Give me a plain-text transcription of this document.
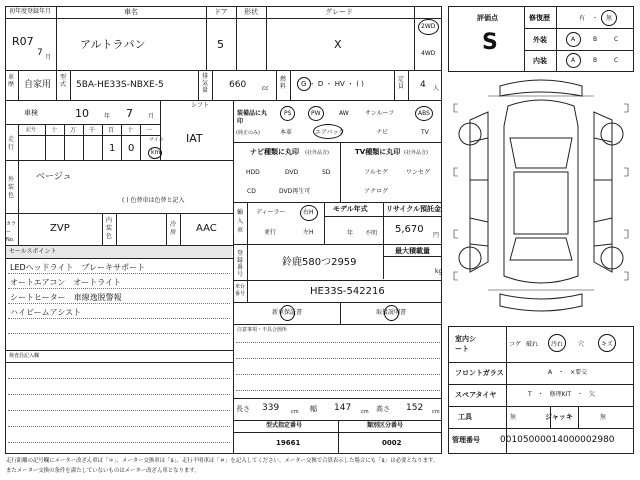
初年度登録年月
R07
7 月
車名
アルトラパン
ドア
5
形状	グレード
X
2WD
4WD
車歴 自家用
型式 5BA-HE33S-NBXE-5
排気量
660	cc
燃料 G ・ D ・ HV ・ ( )
定員 4 人
車検	10	年 7	月
走行
記号 十 万 千 百 十 一
1 0
マイル
km
シフト
IAT
外装色
ベージュ
( ) 色替車は色替と記入
カラーNo.
ZVP
内装色
冷房 AAC
セールスポイント
LEDヘッドライト　ブレーキサポート
オートエアコン　オートライト
シートヒーター　車線逸脱警報
ハイビームアシスト
検査員記入欄
装備品に丸印
(純正のみ)
PS	PW	AW	サンルーフ	ABS
本革	エアバック	ナビ	TV
ナビ種類に丸印 (社外品含)
HDD	DVD	SD
CD	DVD再生可
TV種類に丸印 (社外品含)
フルセグ	ワンセグ
アナログ
輸入車
ディーラー
並行
右H
左H
モデル年式
年 不明
リサイクル預託金
5,670
円
登録番号
鈴鹿580つ2959
最大積載量
kg
車台番号	HE33S-542216
新車保証書	取扱説明書
注意事項・不具合箇所
長さ 339 cm 幅 147 cm 高さ 152 cm
型式指定番号
19661
類別区分番号
0002
評価点
S
修復歴	有 ・ 無
外装	A	B	C
内装	A	B	C
室内シート
コゲ 破れ 汚れ 穴	キズ
フロントガラス	A　・　×要交
スペアタイヤ	T　・　修理KIT　・　欠
工具	無	ジャッキ	無
管理番号 00105000014000002980
走行距離の記号欄にメーター改ざん車は「＊」、メーター交換車は「$」、走行不明車は「＃」を記入してください。メーター交換で合算表示した場合にも「$」は必要となります。
またメーター交換の条件を満たしていないものはメーター改ざん車となります。
